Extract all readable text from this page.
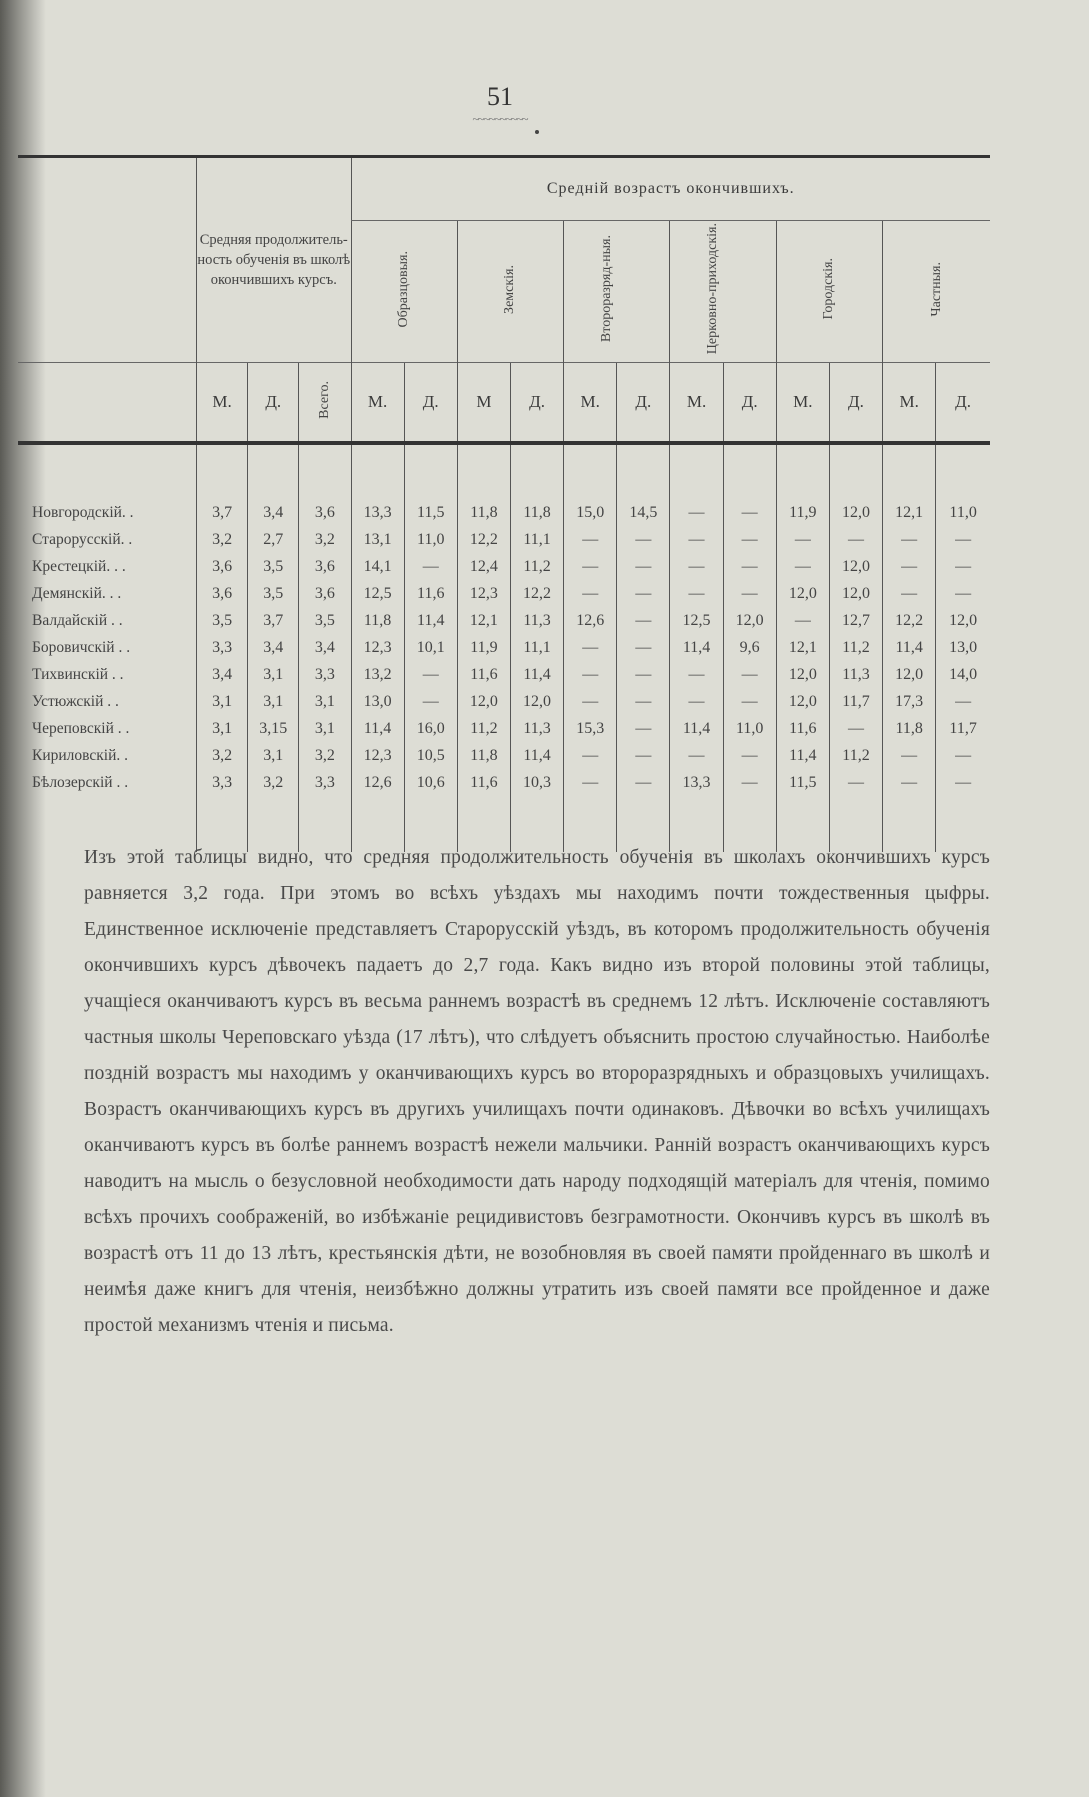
51
~~~~~~~~~~
	Средняя продолжитель-ность обученія въ школѣ окончившихъ курсъ.			Средній возрастъ окончившихъ.											
				Образцовыя.		Земскія.		Второразряд-ныя.		Церковно-приходскія.		Городскія.		Частныя.	
	М.	Д.	Всего.	М.	Д.	М	Д.	М.	Д.	М.	Д.	М.	Д.	М.	Д.

Новгородскій. .	3,7	3,4	3,6	13,3	11,5	11,8	11,8	15,0	14,5	—	—	11,9	12,0	12,1	11,0
Старорусскій. .	3,2	2,7	3,2	13,1	11,0	12,2	11,1	—	—	—	—	—	—	—	—
Крестецкій. . .	3,6	3,5	3,6	14,1	—	12,4	11,2	—	—	—	—	—	12,0	—	—
Демянскій. . .	3,6	3,5	3,6	12,5	11,6	12,3	12,2	—	—	—	—	12,0	12,0	—	—
Валдайскій . .	3,5	3,7	3,5	11,8	11,4	12,1	11,3	12,6	—	12,5	12,0	—	12,7	12,2	12,0
Боровичскій . .	3,3	3,4	3,4	12,3	10,1	11,9	11,1	—	—	11,4	9,6	12,1	11,2	11,4	13,0
Тихвинскій . .	3,4	3,1	3,3	13,2	—	11,6	11,4	—	—	—	—	12,0	11,3	12,0	14,0
Устюжскій . .	3,1	3,1	3,1	13,0	—	12,0	12,0	—	—	—	—	12,0	11,7	17,3	—
Череповскій . .	3,1	3,15	3,1	11,4	16,0	11,2	11,3	15,3	—	11,4	11,0	11,6	—	11,8	11,7
Кириловскій. .	3,2	3,1	3,2	12,3	10,5	11,8	11,4	—	—	—	—	11,4	11,2	—	—
Бѣлозерскій . .	3,3	3,2	3,3	12,6	10,6	11,6	10,3	—	—	13,3	—	11,5	—	—	—

Изъ этой таблицы видно, что средняя продолжительность обученія въ школахъ окончившихъ курсъ равняется 3,2 года. При этомъ во всѣхъ уѣздахъ мы находимъ почти тождественныя цыфры. Единственное исключеніе представляетъ Старорусскій уѣздъ, въ которомъ продолжительность обученія окончившихъ курсъ дѣвочекъ падаетъ до 2,7 года. Какъ видно изъ второй половины этой таблицы, учащіеся оканчиваютъ курсъ въ весьма раннемъ возрастѣ въ среднемъ 12 лѣтъ. Исключеніе составляютъ частныя школы Череповскаго уѣзда (17 лѣтъ), что слѣдуетъ объяснить простою случайностью. Наиболѣе поздній возрастъ мы находимъ у оканчивающихъ курсъ во второразрядныхъ и образцовыхъ училищахъ. Возрастъ оканчивающихъ курсъ въ другихъ училищахъ почти одинаковъ. Дѣвочки во всѣхъ училищахъ оканчиваютъ курсъ въ болѣе раннемъ возрастѣ нежели мальчики. Ранній возрастъ оканчивающихъ курсъ наводитъ на мысль о безусловной необходимости дать народу подходящій матеріалъ для чтенія, помимо всѣхъ прочихъ соображеній, во избѣжаніе рецидивистовъ безграмотности. Окончивъ курсъ въ школѣ въ возрастѣ отъ 11 до 13 лѣтъ, крестьянскія дѣти, не возобновляя въ своей памяти пройденнаго въ школѣ и неимѣя даже книгъ для чтенія, неизбѣжно должны утратить изъ своей памяти все пройденное и даже простой механизмъ чтенія и письма.
